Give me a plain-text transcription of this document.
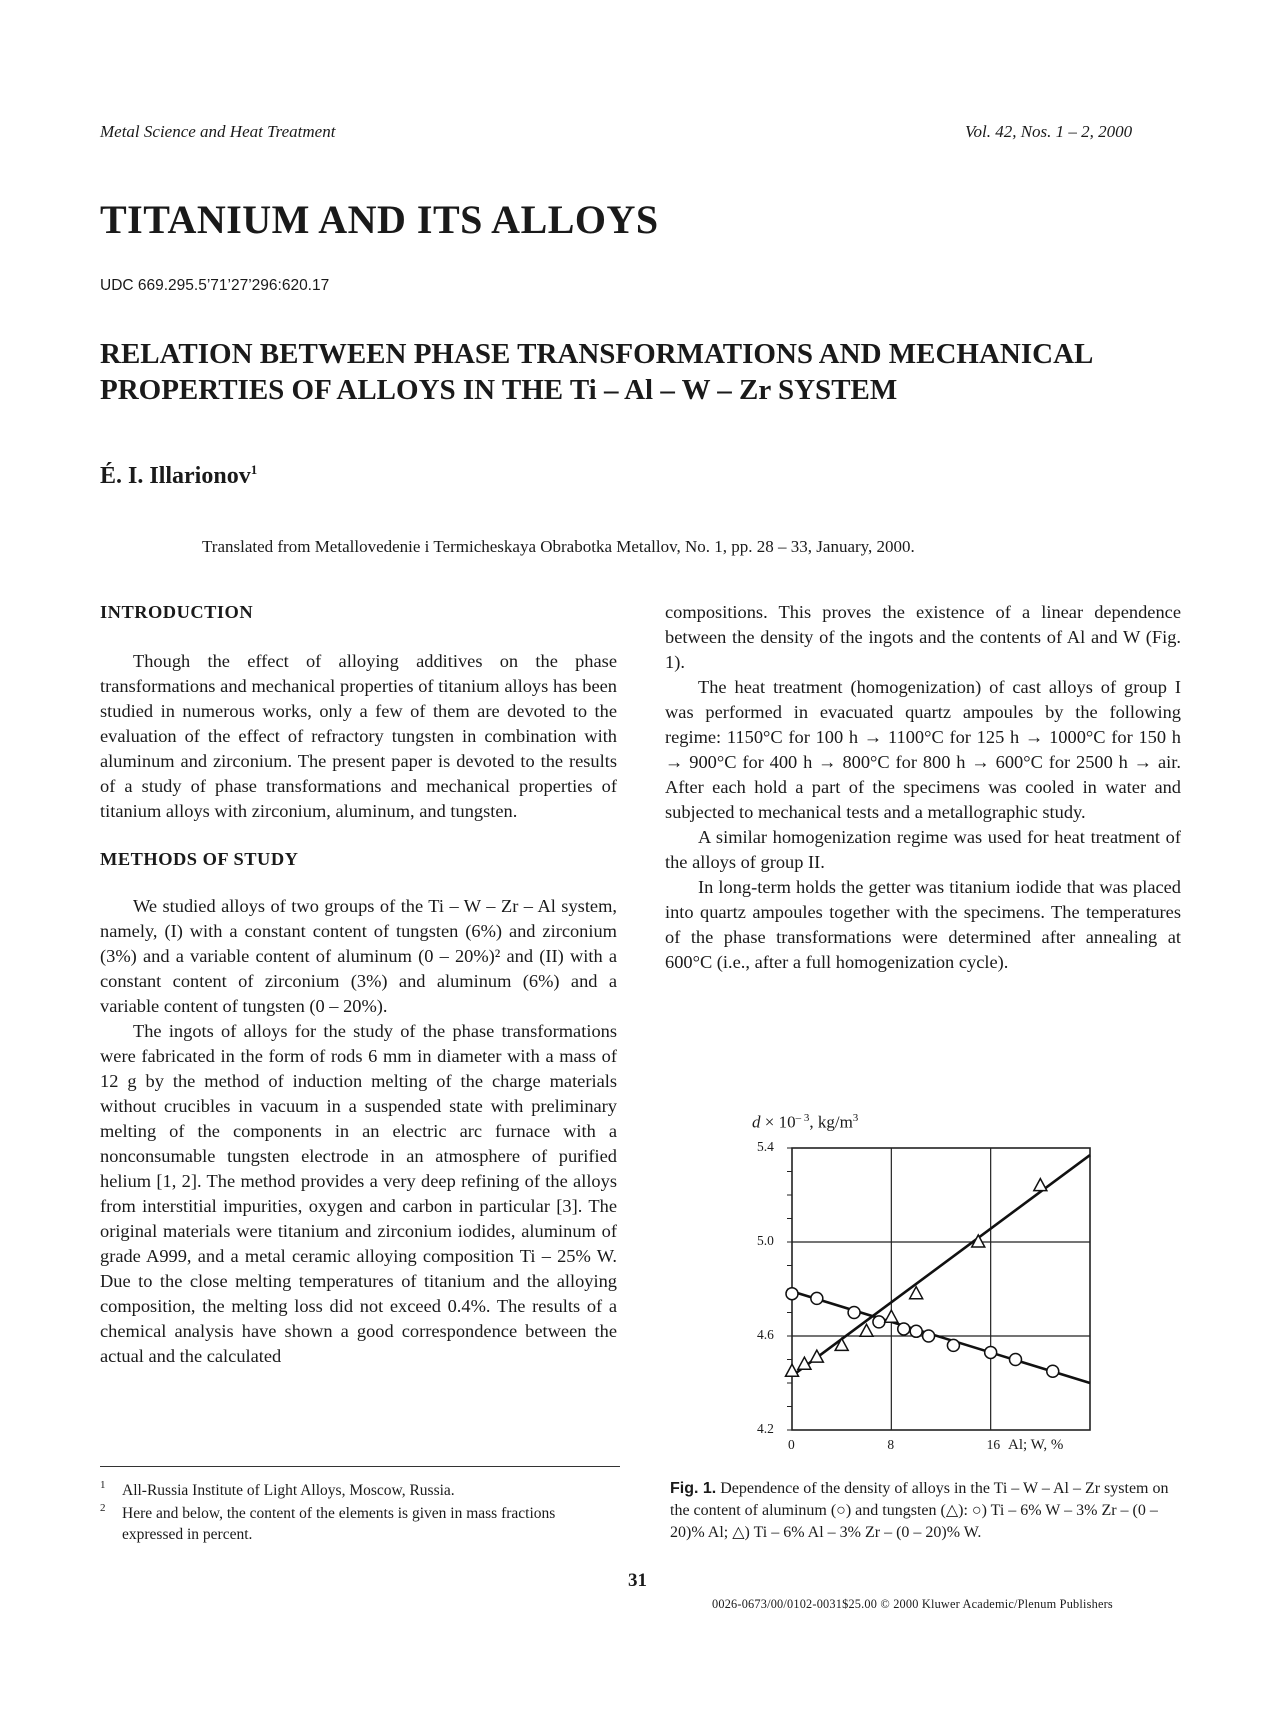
Metal Science and Heat Treatment	Vol. 42, Nos. 1 – 2, 2000
TITANIUM AND ITS ALLOYS
UDC 669.295.5’71’27’296:620.17
RELATION BETWEEN PHASE TRANSFORMATIONS AND MECHANICAL PROPERTIES OF ALLOYS IN THE Ti – Al – W – Zr SYSTEM
É. I. Illarionov$^1$
Translated from Metallovedenie i Termicheskaya Obrabotka Metallov, No. 1, pp. 28 – 33, January, 2000.
INTRODUCTION

Though the effect of alloying additives on the phase transformations and mechanical properties of titanium alloys has been studied in numerous works, only a few of them are devoted to the evaluation of the effect of refractory tungsten in combination with aluminum and zirconium. The present paper is devoted to the results of a study of phase transformations and mechanical properties of titanium alloys with zirconium, aluminum, and tungsten.

METHODS OF STUDY

We studied alloys of two groups of the Ti – W – Zr – Al system, namely, (I) with a constant content of tungsten (6%) and zirconium (3%) and a variable content of aluminum (0 – 20%)² and (II) with a constant content of zirconium (3%) and aluminum (6%) and a variable content of tungsten (0 – 20%).

The ingots of alloys for the study of the phase transformations were fabricated in the form of rods 6 mm in diameter with a mass of 12 g by the method of induction melting of the charge materials without crucibles in vacuum in a suspended state with preliminary melting of the components in an electric arc furnace with a nonconsumable tungsten electrode in an atmosphere of purified helium [1, 2]. The method provides a very deep refining of the alloys from interstitial impurities, oxygen and carbon in particular [3]. The original materials were titanium and zirconium iodides, aluminum of grade A999, and a metal ceramic alloying composition Ti – 25% W. Due to the close melting temperatures of titanium and the alloying composition, the melting loss did not exceed 0.4%. The results of a chemical analysis have shown a good correspondence between the actual and the calculated

compositions. This proves the existence of a linear dependence between the density of the ingots and the contents of Al and W (Fig. 1).

The heat treatment (homogenization) of cast alloys of group I was performed in evacuated quartz ampoules by the following regime: 1150°C for 100 h → 1100°C for 125 h → 1000°C for 150 h → 900°C for 400 h → 800°C for 800 h → 600°C for 2500 h → air. After each hold a part of the specimens was cooled in water and subjected to mechanical tests and a metallographic study.

A similar homogenization regime was used for heat treatment of the alloys of group II.

In long-term holds the getter was titanium iodide that was placed into quartz ampoules together with the specimens. The temperatures of the phase transformations were determined after annealing at 600°C (i.e., after a full homogenization cycle).

$d \times 10^{- 3}$, $kg/m^3$
5.4
5.0
4.6
4.2
0	8	16 Al; W, %
Fig. 1. Dependence of the density of alloys in the Ti – W – Al – Zr system on the content of aluminum (○) and tungsten (△): ○) Ti – 6% W – 3% Zr – (0 – 20)% Al; △) Ti – 6% Al – 3% Zr – (0 – 20)% W.
1 All-Russia Institute of Light Alloys, Moscow, Russia.
2 Here and below, the content of the elements is given in mass fractions expressed in percent.
31
0026-0673/00/0102-0031$25.00 © 2000 Kluwer Academic/Plenum Publishers
